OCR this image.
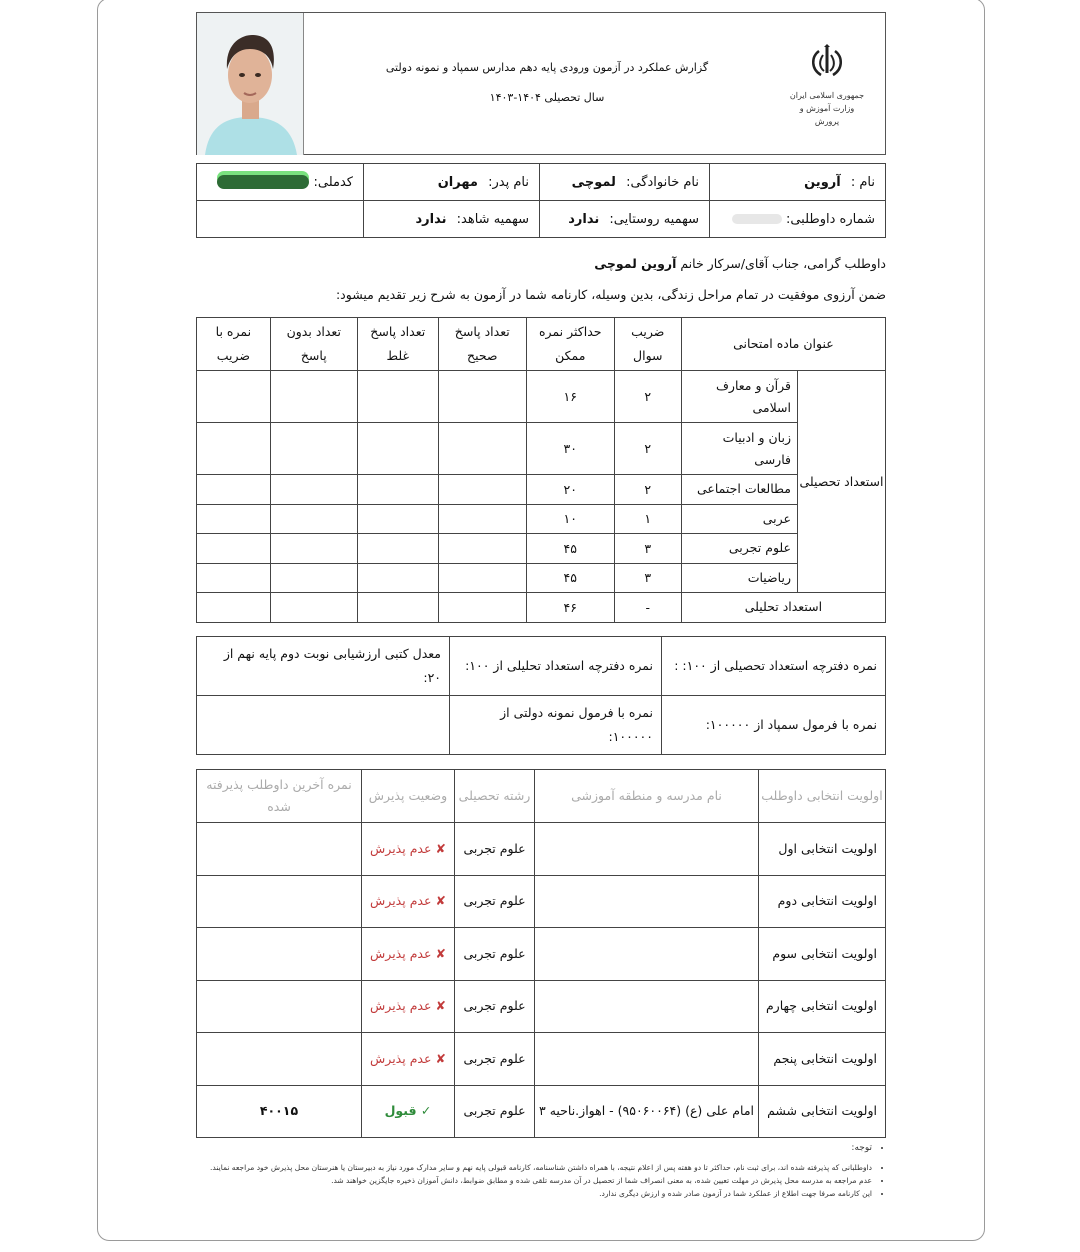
گزارش عملکرد در آزمون ورودی پایه دهم مدارس سمپاد و نمونه دولتی
سال تحصیلی ۱۴۰۴-۱۴۰۳	جمهوری اسلامی ایران
وزارت آموزش و پرورش
نام : آروین	نام خانوادگی: لموچی	نام پدر: مهران	کدملی:
شماره داوطلبی:	سهمیه روستایی: ندارد	سهمیه شاهد: ندارد	
داوطلب گرامی، جناب آقای/سرکار خانم آروین لموچی
ضمن آرزوی موفقیت در تمام مراحل زندگی، بدین وسیله، کارنامه شما در آزمون به شرح زیر تقدیم میشود:
عنوان ماده امتحانی		ضریب سوال	حداکثر نمره ممکن	تعداد پاسخ صحیح	تعداد پاسخ غلط	تعداد بدون پاسخ	نمره با ضریب
استعداد تحصیلی	قرآن و معارف اسلامی	۲	۱۶				
	زبان و ادبیات فارسی	۲	۳۰				
	مطالعات اجتماعی	۲	۲۰				
	عربی	۱	۱۰				
	علوم تجربی	۳	۴۵				
	ریاضیات	۳	۴۵				
استعداد تحلیلی		-	۴۶				
نمره دفترچه استعداد تحصیلی از ۱۰۰: :	نمره دفترچه استعداد تحلیلی از ۱۰۰:	معدل کتبی ارزشیابی نوبت دوم پایه نهم از ۲۰:
نمره با فرمول سمپاد از ۱۰۰۰۰۰:	نمره با فرمول نمونه دولتی از ۱۰۰۰۰۰:	
اولویت انتخابی داوطلب	نام مدرسه و منطقه آموزشی	رشته تحصیلی	وضعیت پذیرش	نمره آخرین داوطلب پذیرفته شده
اولویت انتخابی اول		علوم تجربی	✘ عدم پذیرش	
اولویت انتخابی دوم		علوم تجربی	✘ عدم پذیرش	
اولویت انتخابی سوم		علوم تجربی	✘ عدم پذیرش	
اولویت انتخابی چهارم		علوم تجربی	✘ عدم پذیرش	
اولویت انتخابی پنجم		علوم تجربی	✘ عدم پذیرش	
اولویت انتخابی ششم	امام علی (ع) (۹۵۰۶۰۰۶۴) - اهواز.ناحیه ۳	علوم تجربی	✓ قبول	۴۰۰۱۵
• توجه:
• داوطلبانی که پذیرفته شده اند، برای ثبت نام، حداکثر تا دو هفته پس از اعلام نتیجه، با همراه داشتن شناسنامه، کارنامه قبولی پایه نهم و سایر مدارک مورد نیاز به دبیرستان یا هنرستان محل پذیرش خود مراجعه نمایند.
• عدم مراجعه به مدرسه محل پذیرش در مهلت تعیین شده، به معنی انصراف شما از تحصیل در آن مدرسه تلقی شده و مطابق ضوابط، دانش آموزان ذخیره جایگزین خواهند شد.
• این کارنامه صرفا جهت اطلاع از عملکرد شما در آزمون صادر شده و ارزش دیگری ندارد.
